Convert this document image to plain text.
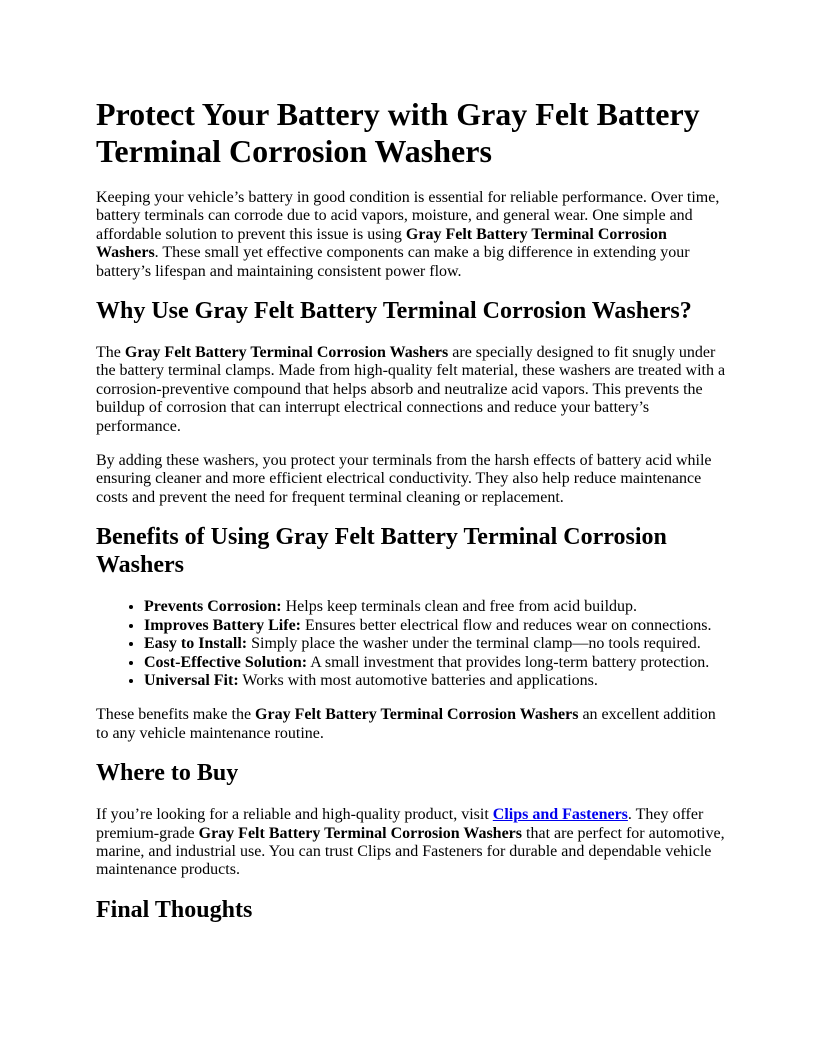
Protect Your Battery with Gray Felt Battery Terminal Corrosion Washers

Keeping your vehicle’s battery in good condition is essential for reliable performance. Over time, battery terminals can corrode due to acid vapors, moisture, and general wear. One simple and affordable solution to prevent this issue is using Gray Felt Battery Terminal Corrosion Washers. These small yet effective components can make a big difference in extending your battery’s lifespan and maintaining consistent power flow.

Why Use Gray Felt Battery Terminal Corrosion Washers?

The Gray Felt Battery Terminal Corrosion Washers are specially designed to fit snugly under the battery terminal clamps. Made from high-quality felt material, these washers are treated with a corrosion-preventive compound that helps absorb and neutralize acid vapors. This prevents the buildup of corrosion that can interrupt electrical connections and reduce your battery’s performance.

By adding these washers, you protect your terminals from the harsh effects of battery acid while ensuring cleaner and more efficient electrical conductivity. They also help reduce maintenance costs and prevent the need for frequent terminal cleaning or replacement.

Benefits of Using Gray Felt Battery Terminal Corrosion Washers
• Prevents Corrosion: Helps keep terminals clean and free from acid buildup.
• Improves Battery Life: Ensures better electrical flow and reduces wear on connections.
• Easy to Install: Simply place the washer under the terminal clamp—no tools required.
• Cost-Effective Solution: A small investment that provides long-term battery protection.
• Universal Fit: Works with most automotive batteries and applications.

These benefits make the Gray Felt Battery Terminal Corrosion Washers an excellent addition to any vehicle maintenance routine.

Where to Buy

If you’re looking for a reliable and high-quality product, visit Clips and Fasteners. They offer premium-grade Gray Felt Battery Terminal Corrosion Washers that are perfect for automotive, marine, and industrial use. You can trust Clips and Fasteners for durable and dependable vehicle maintenance products.

Final Thoughts
